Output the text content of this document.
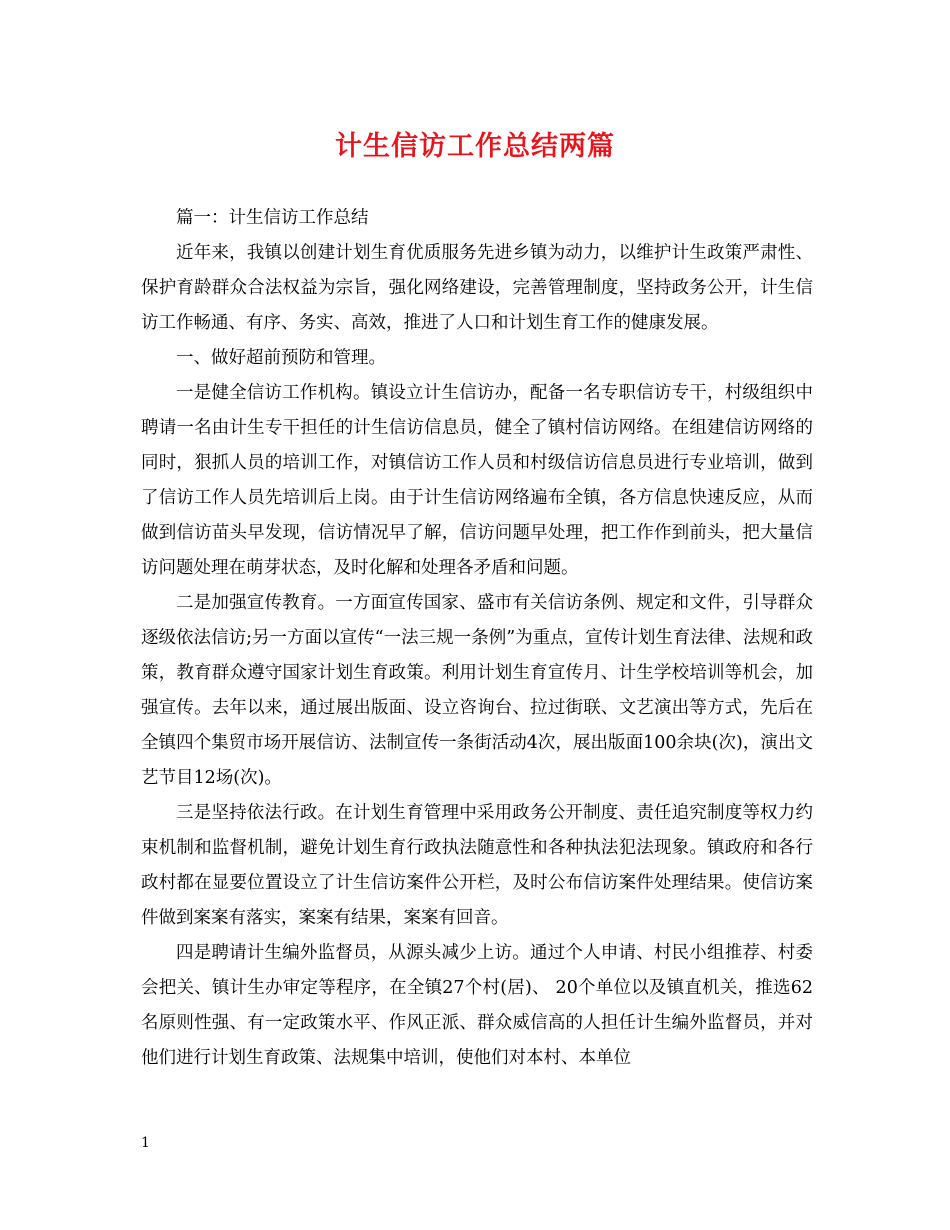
计生信访工作总结两篇

篇一：计生信访工作总结

近年来，我镇以创建计划生育优质服务先进乡镇为动力，以维护计生政策严肃性、保护育龄群众合法权益为宗旨，强化网络建设，完善管理制度，坚持政务公开，计生信访工作畅通、有序、务实、高效，推进了人口和计划生育工作的健康发展。

一、做好超前预防和管理。

一是健全信访工作机构。镇设立计生信访办，配备一名专职信访专干，村级组织中聘请一名由计生专干担任的计生信访信息员，健全了镇村信访网络。在组建信访网络的同时，狠抓人员的培训工作，对镇信访工作人员和村级信访信息员进行专业培训，做到了信访工作人员先培训后上岗。由于计生信访网络遍布全镇，各方信息快速反应，从而做到信访苗头早发现，信访情况早了解，信访问题早处理，把工作作到前头，把大量信访问题处理在萌芽状态，及时化解和处理各矛盾和问题。

二是加强宣传教育。一方面宣传国家、盛市有关信访条例、规定和文件，引导群众逐级依法信访;另一方面以宣传“一法三规一条例”为重点，宣传计划生育法律、法规和政策，教育群众遵守国家计划生育政策。利用计划生育宣传月、计生学校培训等机会，加强宣传。去年以来，通过展出版面、设立咨询台、拉过街联、文艺演出等方式，先后在全镇四个集贸市场开展信访、法制宣传一条街活动4次，展出版面100余块(次)，演出文艺节目12场(次)。

三是坚持依法行政。在计划生育管理中采用政务公开制度、责任追究制度等权力约束机制和监督机制，避免计划生育行政执法随意性和各种执法犯法现象。镇政府和各行政村都在显要位置设立了计生信访案件公开栏，及时公布信访案件处理结果。使信访案件做到案案有落实，案案有结果，案案有回音。

四是聘请计生编外监督员，从源头减少上访。通过个人申请、村民小组推荐、村委会把关、镇计生办审定等程序，在全镇27个村(居)、 20个单位以及镇直机关，推选62名原则性强、有一定政策水平、作风正派、群众威信高的人担任计生编外监督员，并对他们进行计划生育政策、法规集中培训，使他们对本村、本单位

1
